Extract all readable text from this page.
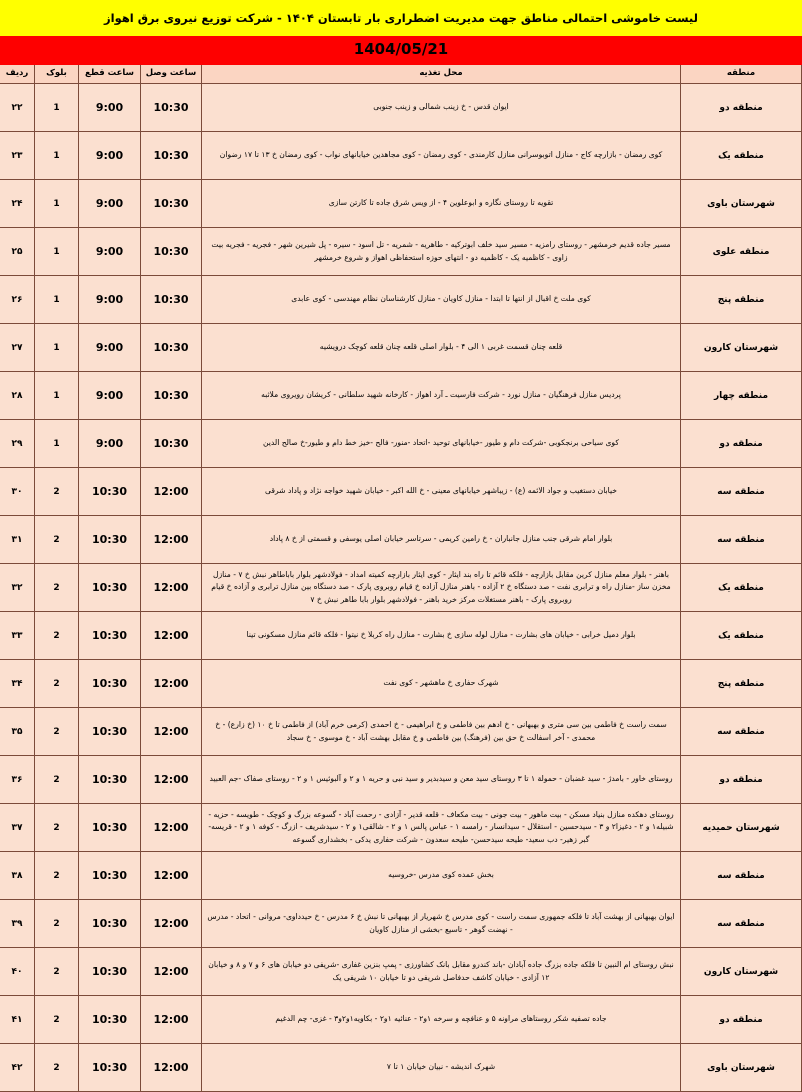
لیست خاموشی احتمالی مناطق جهت مدیریت اضطراری بار تابستان ۱۴۰۴ - شرکت توزیع نیروی برق اهواز
1404/05/21
منطقه	محل تغذیه	ساعت وصل	ساعت قطع	بلوک	ردیف
منطقه دو	ایوان قدس - خ زینب شمالی و زینب جنوبی	10:30	9:00	1	۲۲
منطقه یک	کوی رمضان - بازارچه کاج - منازل اتوبوسرانی منازل کارمندی - کوی رمضان - کوی مجاهدین خیابانهای نواب - کوی رمضان خ ۱۳ تا ۱۷ رضوان	10:30	9:00	1	۲۳
شهرستان باوی	تقویه تا روستای نگاره و ابوعلوین ۴ - از ویس شرق جاده تا کارتن سازی	10:30	9:00	1	۲۴
منطقه علوی	مسیر جاده قدیم خرمشهر - روستای رامزیه - مسیر سید خلف ابوترکیه - طاهریه - شمریه - تل اسود - سیره - پل شیرین شهر - فجریه - فجریه بیت زاوی - کاظمیه یک - کاظمیه دو - انتهای حوزه استحفاظی اهواز و شروع خرمشهر	10:30	9:00	1	۲۵
منطقه پنج	کوی ملت خ اقبال از انتها تا ابتدا - منازل کاویان - منازل کارشناسان نظام مهندسی - کوی عابدی	10:30	9:00	1	۲۶
شهرستان کارون	قلعه چنان قسمت غربی ۱ الی ۴ - بلوار اصلی قلعه چنان قلعه کوچک درویشیه	10:30	9:00	1	۲۷
منطقه چهار	پردیس منازل فرهنگیان - منازل نورد - شرکت فارسیت ـ آرد اهواز - کارخانه شهید سلطانی - کریشان رویروی ملاثبه	10:30	9:00	1	۲۸
منطقه دو	کوی سیاحی برنجکوبی -شرکت دام و طیور -خیابانهای توحید -اتحاد -منور- فالح -خیز خط دام و طیور-خ صالح الدین	10:30	9:00	1	۲۹
منطقه سه	خیابان دستغیب و جواد الائمه (ع) - زیباشهر خیابانهای معینی - خ الله اکبر - خیابان شهید خواجه نژاد و پاداد شرقی	12:00	10:30	2	۳۰
منطقه سه	بلوار امام شرقی جنب منازل جانباران - خ رامین کریمی - سرتاسر خیابان اصلی یوسفی و قسمتی از خ ۸ پاداد	12:00	10:30	2	۳۱
منطقه یک	باهنر - بلوار معلم منازل کرین مقابل بازارچه - فلکه قائم تا راه بند ایثار - کوی ایثار بازارچه کمیته امداد - فولادشهر بلوار باباطاهر نبش خ ۷ - منازل مخزن ساز -منازل راه و ترابری نفت - صد دستگاه خ ۲ آزاده - باهنر منازل آزاده خ قیام روبروی پارک - صد دستگاه بین منازل ترابری و آزاده خ قیام روبروی پارک - باهنر مستغلات مرکز خرید باهنر - فولادشهر بلوار بابا طاهر نبش خ ۷	12:00	10:30	2	۳۲
منطقه یک	بلوار دمیل خرابی - خیابان های بشارت - منازل لوله سازی خ بشارت - منازل راه کربلا خ نیتوا - فلکه قائم منازل مسکونی تینا	12:00	10:30	2	۳۳
منطقه پنج	شهرک حفاری خ ماهشهر - کوی نفت	12:00	10:30	2	۳۴
منطقه سه	سمت راست خ فاطمی بین سی متری و بهبهانی - خ ادهم بین فاطمی و خ ابراهیمی - خ احمدی (کرمی خرم آباد) از فاطمی تا خ ۱۰ (خ زارع) - خ محمدی - آخر اسفالت خ حق بین (فرهنگ) بین فاطمی و خ مقابل بهشت آباد - خ موسوی - خ سجاد	12:00	10:30	2	۳۵
منطقه دو	روستای خاور - بامدژ - سید غضبان - حمولة ۱ تا ۳ روستای سید معن و سیدبدیر و سید نبی و حریه ۱ و ۲ و آلبوئیس ۱ و ۲ - روستای صفاک -جم العبید	12:00	10:30	2	۳۶
شهرستان حمیدیه	روستای دهکده منازل بنیاد مسکن - بیت ماهور - بیت جونی - بیت مکعاف - قلعه قدیر - آزادی - رحمت آباد - گسوعه بزرگ و کوچک - طویسه - حزیه - شبیله۱ و ۲ - دغیزا۲ و ۳ - سیدحسین - استقلال - سیدانسار - رامسه ۱ - عباس پالس ۱ و ۲ - شالقی۱ و ۲ - سیدشریف - ازرگ - کوفه ۱ و ۲ - قریسه- گبر زهیر- دب سعید- طیحه سیدحسن- طیحه سعدون - شرکت حفاری یدکی - بخشداری گسوعه	12:00	10:30	2	۳۷
منطقه سه	بخش عمده کوی مدرس -خروسیه	12:00	10:30	2	۳۸
منطقه سه	ایوان بهبهانی از بهشت آباد تا فلکه جمهوری سمت راست - کوی مدرس خ شهریار از بهبهانی تا نبش خ ۶ مدرس - خ حیدداوی- مروانی - اتحاد - مدرس - نهضت گوهر - تاسیع -بخشی از منازل کاویان	12:00	10:30	2	۳۹
شهرستان کارون	نبش روستای ام النبین تا فلکه جاده بزرگ جاده آبادان -باند کندرو مقابل بانک کشاورزی - پمپ بنزین غفاری -شریفی دو خیابان های ۶ و ۷ و ۸ و خیابان ۱۲ آزادی - خیابان کاشف حدفاصل شریفی دو تا خیابان ۱۰ شریفی یک	12:00	10:30	2	۴۰
منطقه دو	جاده تصفیه شکر روستاهای مراونه ۵ و عنافچه و سرخه ۱و۲ - عنائیه ۱و۲ - بکاویه۱و۲و۳ - غزی- چم الدغیم	12:00	10:30	2	۴۱
شهرستان باوی	شهرک اندیشه - نبیان خیابان ۱ تا ۷	12:00	10:30	2	۴۲
